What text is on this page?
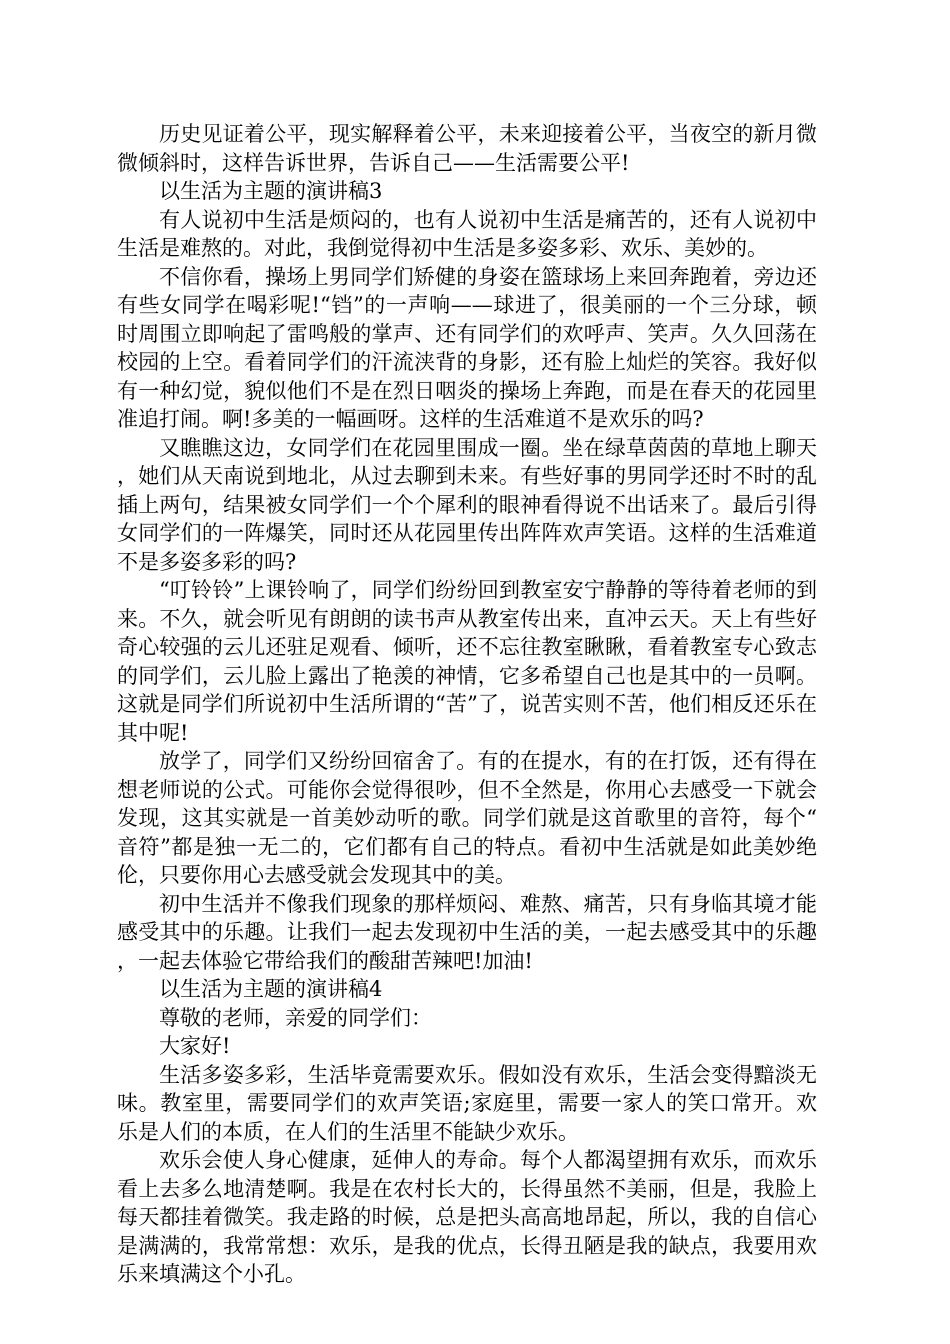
历史见证着公平，现实解释着公平，未来迎接着公平，当夜空的新月微微倾斜时，这样告诉世界，告诉自己——生活需要公平!

以生活为主题的演讲稿3

有人说初中生活是烦闷的，也有人说初中生活是痛苦的，还有人说初中生活是难熬的。对此，我倒觉得初中生活是多姿多彩、欢乐、美妙的。

不信你看，操场上男同学们矫健的身姿在篮球场上来回奔跑着，旁边还有些女同学在喝彩呢!“铛”的一声响——球进了，很美丽的一个三分球，顿时周围立即响起了雷鸣般的掌声、还有同学们的欢呼声、笑声。久久回荡在校园的上空。看着同学们的汗流浃背的身影，还有脸上灿烂的笑容。我好似有一种幻觉，貌似他们不是在烈日咽炎的操场上奔跑，而是在春天的花园里准追打闹。啊!多美的一幅画呀。这样的生活难道不是欢乐的吗?

又瞧瞧这边，女同学们在花园里围成一圈。坐在绿草茵茵的草地上聊天，她们从天南说到地北，从过去聊到未来。有些好事的男同学还时不时的乱插上两句，结果被女同学们一个个犀利的眼神看得说不出话来了。最后引得女同学们的一阵爆笑，同时还从花园里传出阵阵欢声笑语。这样的生活难道不是多姿多彩的吗?

“叮铃铃”上课铃响了，同学们纷纷回到教室安宁静静的等待着老师的到来。不久，就会听见有朗朗的读书声从教室传出来，直冲云天。天上有些好奇心较强的云儿还驻足观看、倾听，还不忘往教室瞅瞅，看着教室专心致志的同学们，云儿脸上露出了艳羡的神情，它多希望自己也是其中的一员啊。这就是同学们所说初中生活所谓的“苦”了，说苦实则不苦，他们相反还乐在其中呢!

放学了，同学们又纷纷回宿舍了。有的在提水，有的在打饭，还有得在想老师说的公式。可能你会觉得很吵，但不全然是，你用心去感受一下就会发现，这其实就是一首美妙动听的歌。同学们就是这首歌里的音符，每个“音符”都是独一无二的，它们都有自己的特点。看初中生活就是如此美妙绝伦，只要你用心去感受就会发现其中的美。

初中生活并不像我们现象的那样烦闷、难熬、痛苦，只有身临其境才能感受其中的乐趣。让我们一起去发现初中生活的美，一起去感受其中的乐趣，一起去体验它带给我们的酸甜苦辣吧!加油!

以生活为主题的演讲稿4

尊敬的老师，亲爱的同学们：

大家好!

生活多姿多彩，生活毕竟需要欢乐。假如没有欢乐，生活会变得黯淡无味。教室里，需要同学们的欢声笑语;家庭里，需要一家人的笑口常开。欢乐是人们的本质，在人们的生活里不能缺少欢乐。

欢乐会使人身心健康，延伸人的寿命。每个人都渴望拥有欢乐，而欢乐看上去多么地清楚啊。我是在农村长大的，长得虽然不美丽，但是，我脸上每天都挂着微笑。我走路的时候，总是把头高高地昂起，所以，我的自信心是满满的，我常常想：欢乐，是我的优点，长得丑陋是我的缺点，我要用欢乐来填满这个小孔。
